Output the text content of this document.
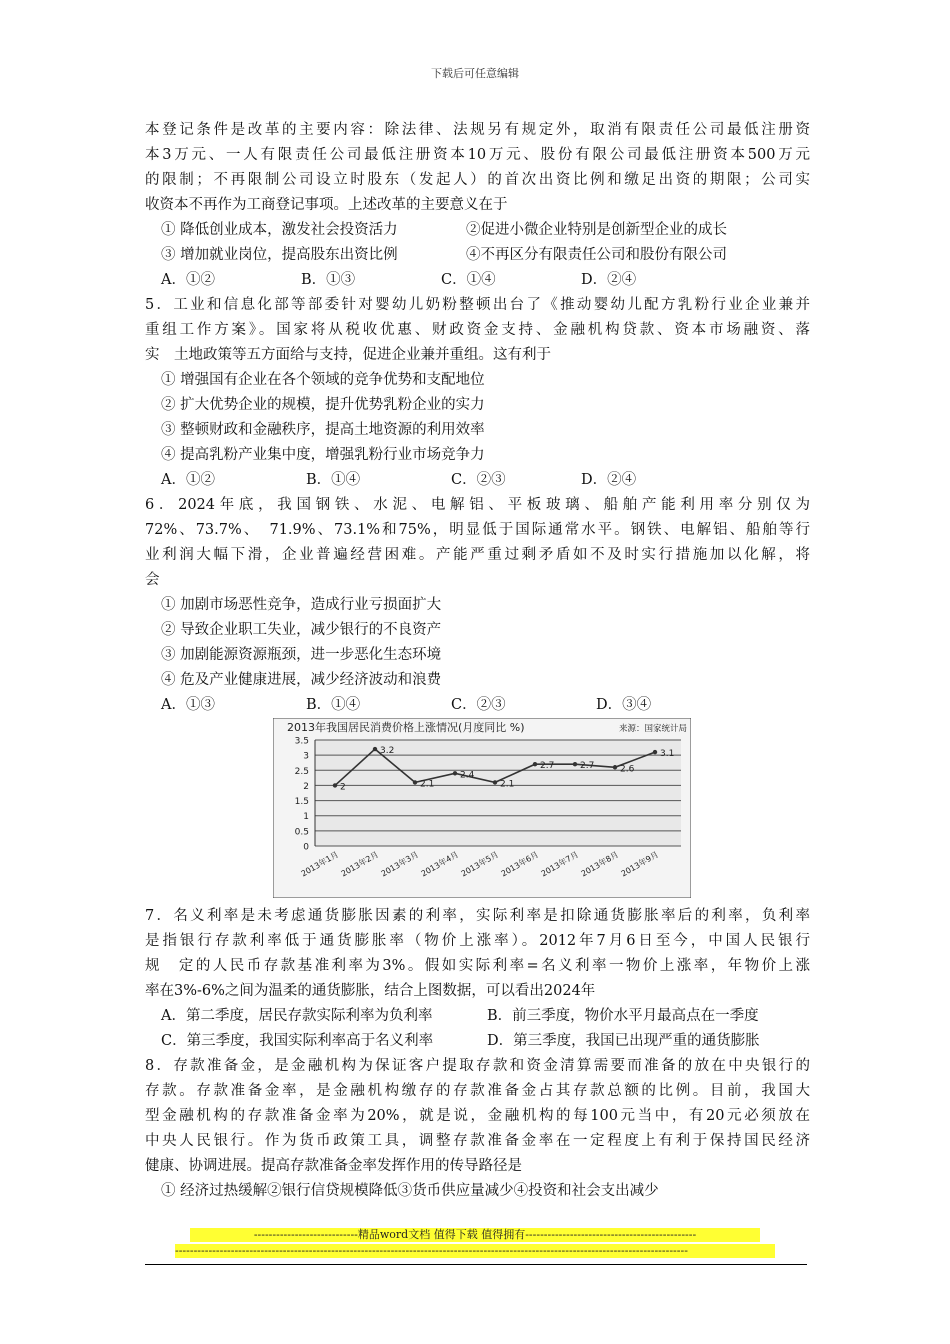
下载后可任意编辑
本登记条件是改革的主要内容：除法律、法规另有规定外，取消有限责任公司最低注册资
本3万元、一人有限责任公司最低注册资本10万元、股份有限公司最低注册资本500万元
的限制；不再限制公司设立时股东（发起人）的首次出资比例和缴足出资的期限；公司实
收资本不再作为工商登记事项。上述改革的主要意义在于
① 降低创业成本，激发社会投资活力	②促进小微企业特别是创新型企业的成长
③ 增加就业岗位，提高股东出资比例	④不再区分有限责任公司和股份有限公司
A．①②	B．①③	C．①④	D．②④
5．工业和信息化部等部委针对婴幼儿奶粉整顿出台了《推动婴幼儿配方乳粉行业企业兼并
重组工作方案》。国家将从税收优惠、财政资金支持、金融机构贷款、资本市场融资、落
实　土地政策等五方面给与支持，促进企业兼并重组。这有利于
① 增强国有企业在各个领域的竞争优势和支配地位
② 扩大优势企业的规模，提升优势乳粉企业的实力
③ 整顿财政和金融秩序，提高土地资源的利用效率
④ 提高乳粉产业集中度，增强乳粉行业市场竞争力
A．①②	B．①④	C．②③	D．②④
6．2024年底，我国钢铁、水泥、电解铝、平板玻璃、船舶产能利用率分别仅为
72%、73.7%、　71.9%、73.1%和75%，明显低于国际通常水平。钢铁、电解铝、船舶等行
业利润大幅下滑，企业普遍经营困难。产能严重过剩矛盾如不及时实行措施加以化解，将
会
① 加剧市场恶性竞争，造成行业亏损面扩大
② 导致企业职工失业，减少银行的不良资产
③ 加剧能源资源瓶颈，进一步恶化生态环境
④ 危及产业健康进展，减少经济波动和浪费
A．①③	B．①④	C．②③	D．③④
2013年我国居民消费价格上涨情况(月度同比 %)	来源：国家统计局
3.5
3
2.5
2
1.5
1
0.5
0
2
3.2
2.1
2.4
2.1
2.7	2.7	2.6
3.1
2013年1月 2013年2月 2013年3月 2013年4月 2013年5月 2013年6月 2013年7月 2013年8月 2013年9月
7．名义利率是未考虑通货膨胀因素的利率，实际利率是扣除通货膨胀率后的利率，负利率
是指银行存款利率低于通货膨胀率（物价上涨率）。2012年7月6日至今，中国人民银行
规　定的人民币存款基准利率为3%。假如实际利率=名义利率一物价上涨率，年物价上涨
率在3%-6%之间为温柔的通货膨胀，结合上图数据，可以看出2024年
A．第二季度，居民存款实际利率为负利率	B．前三季度，物价水平月最高点在一季度
C．第三季度，我国实际利率高于名义利率	D．第三季度，我国已出现严重的通货膨胀
8．存款准备金，是金融机构为保证客户提取存款和资金清算需要而准备的放在中央银行的
存款。存款准备金率，是金融机构缴存的存款准备金占其存款总额的比例。目前，我国大
型金融机构的存款准备金率为20%，就是说，金融机构的每100元当中，有20元必须放在
中央人民银行。作为货币政策工具，调整存款准备金率在一定程度上有利于保持国民经济
健康、协调进展。提高存款准备金率发挥作用的传导路径是
① 经济过热缓解②银行信贷规模降低③货币供应量减少④投资和社会支出减少
----------------------------精品word文档 值得下载 值得拥有----------------------------------------------
------------------------------------------------------------------------------------------------------------------------------------------
